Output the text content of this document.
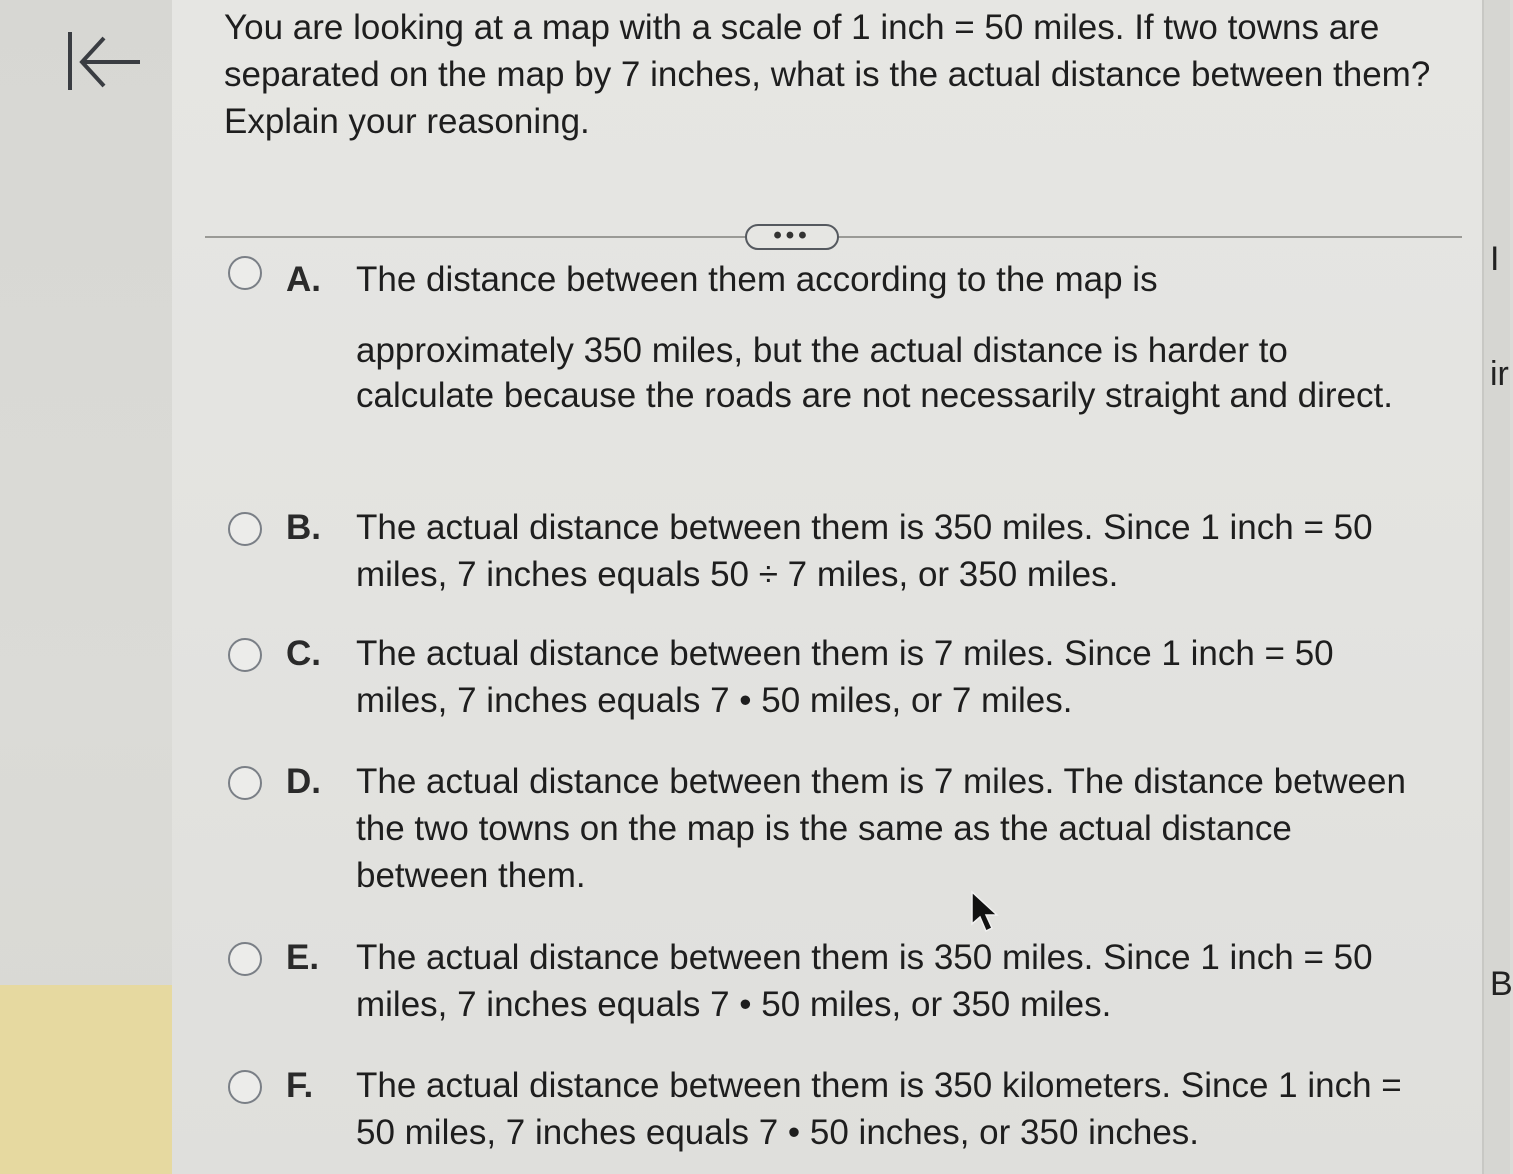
I
ir
B

You are looking at a map with a scale of 1 inch = 50 miles. If two towns are separated on the map by 7 inches, what is the actual distance between them? Explain your reasoning.

•••
A. The distance between them according to the map is

approximately 350 miles, but the actual distance is harder to calculate because the roads are not necessarily straight and direct.

B. The actual distance between them is 350 miles. Since 1 inch = 50 miles, 7 inches equals 50 ÷ 7 miles, or 350 miles.

C. The actual distance between them is 7 miles. Since 1 inch = 50 miles, 7 inches equals 7 • 50 miles, or 7 miles.

D. The actual distance between them is 7 miles. The distance between the two towns on the map is the same as the actual distance between them.

E. The actual distance between them is 350 miles. Since 1 inch = 50 miles, 7 inches equals 7 • 50 miles, or 350 miles.

F. The actual distance between them is 350 kilometers. Since 1 inch = 50 miles, 7 inches equals 7 • 50 inches, or 350 inches.
